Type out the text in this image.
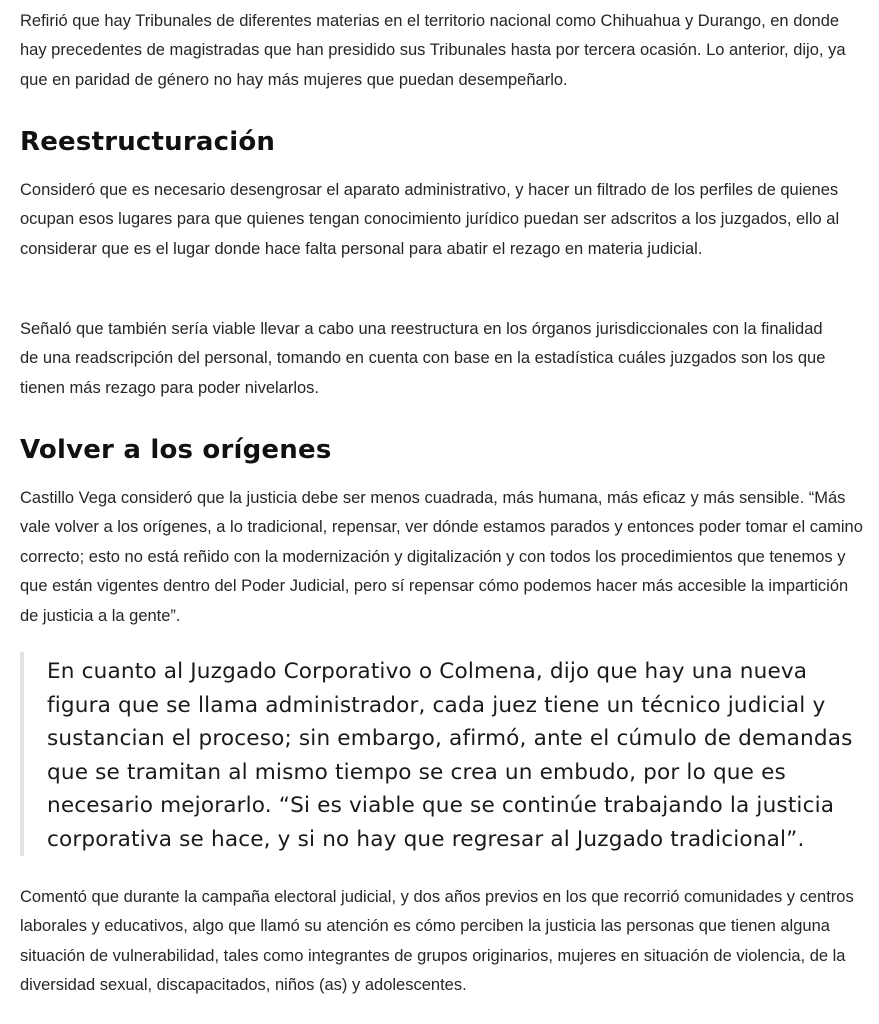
Refirió que hay Tribunales de diferentes materias en el territorio nacional como Chihuahua y Durango, en donde hay precedentes de magistradas que han presidido sus Tribunales hasta por tercera ocasión. Lo anterior, dijo, ya que en paridad de género no hay más mujeres que puedan desempeñarlo.

Reestructuración

Consideró que es necesario desengrosar el aparato administrativo, y hacer un filtrado de los perfiles de quienes ocupan esos lugares para que quienes tengan conocimiento jurídico puedan ser adscritos a los juzgados, ello al considerar que es el lugar donde hace falta personal para abatir el rezago en materia judicial.

Señaló que también sería viable llevar a cabo una reestructura en los órganos jurisdiccionales con la finalidad de una readscripción del personal, tomando en cuenta con base en la estadística cuáles juzgados son los que tienen más rezago para poder nivelarlos.

Volver a los orígenes

Castillo Vega consideró que la justicia debe ser menos cuadrada, más humana, más eficaz y más sensible. “Más vale volver a los orígenes, a lo tradicional, repensar, ver dónde estamos parados y entonces poder tomar el camino correcto; esto no está reñido con la modernización y digitalización y con todos los procedimientos que tenemos y que están vigentes dentro del Poder Judicial, pero sí repensar cómo podemos hacer más accesible la impartición de justicia a la gente”.

Comentó que durante la campaña electoral judicial, y dos años previos en los que recorrió comunidades y centros laborales y educativos, algo que llamó su atención es cómo perciben la justicia las personas que tienen alguna situación de vulnerabilidad, tales como integrantes de grupos originarios, mujeres en situación de violencia, de la diversidad sexual, discapacitados, niños (as) y adolescentes.

En cuanto al Juzgado Corporativo o Colmena, dijo que hay una nueva figura que se llama administrador, cada juez tiene un técnico judicial y sustancian el proceso; sin embargo, afirmó, ante el cúmulo de demandas que se tramitan al mismo tiempo se crea un embudo, por lo que es necesario mejorarlo. “Si es viable que se continúe trabajando la justicia corporativa se hace, y si no hay que regresar al Juzgado tradicional”.
